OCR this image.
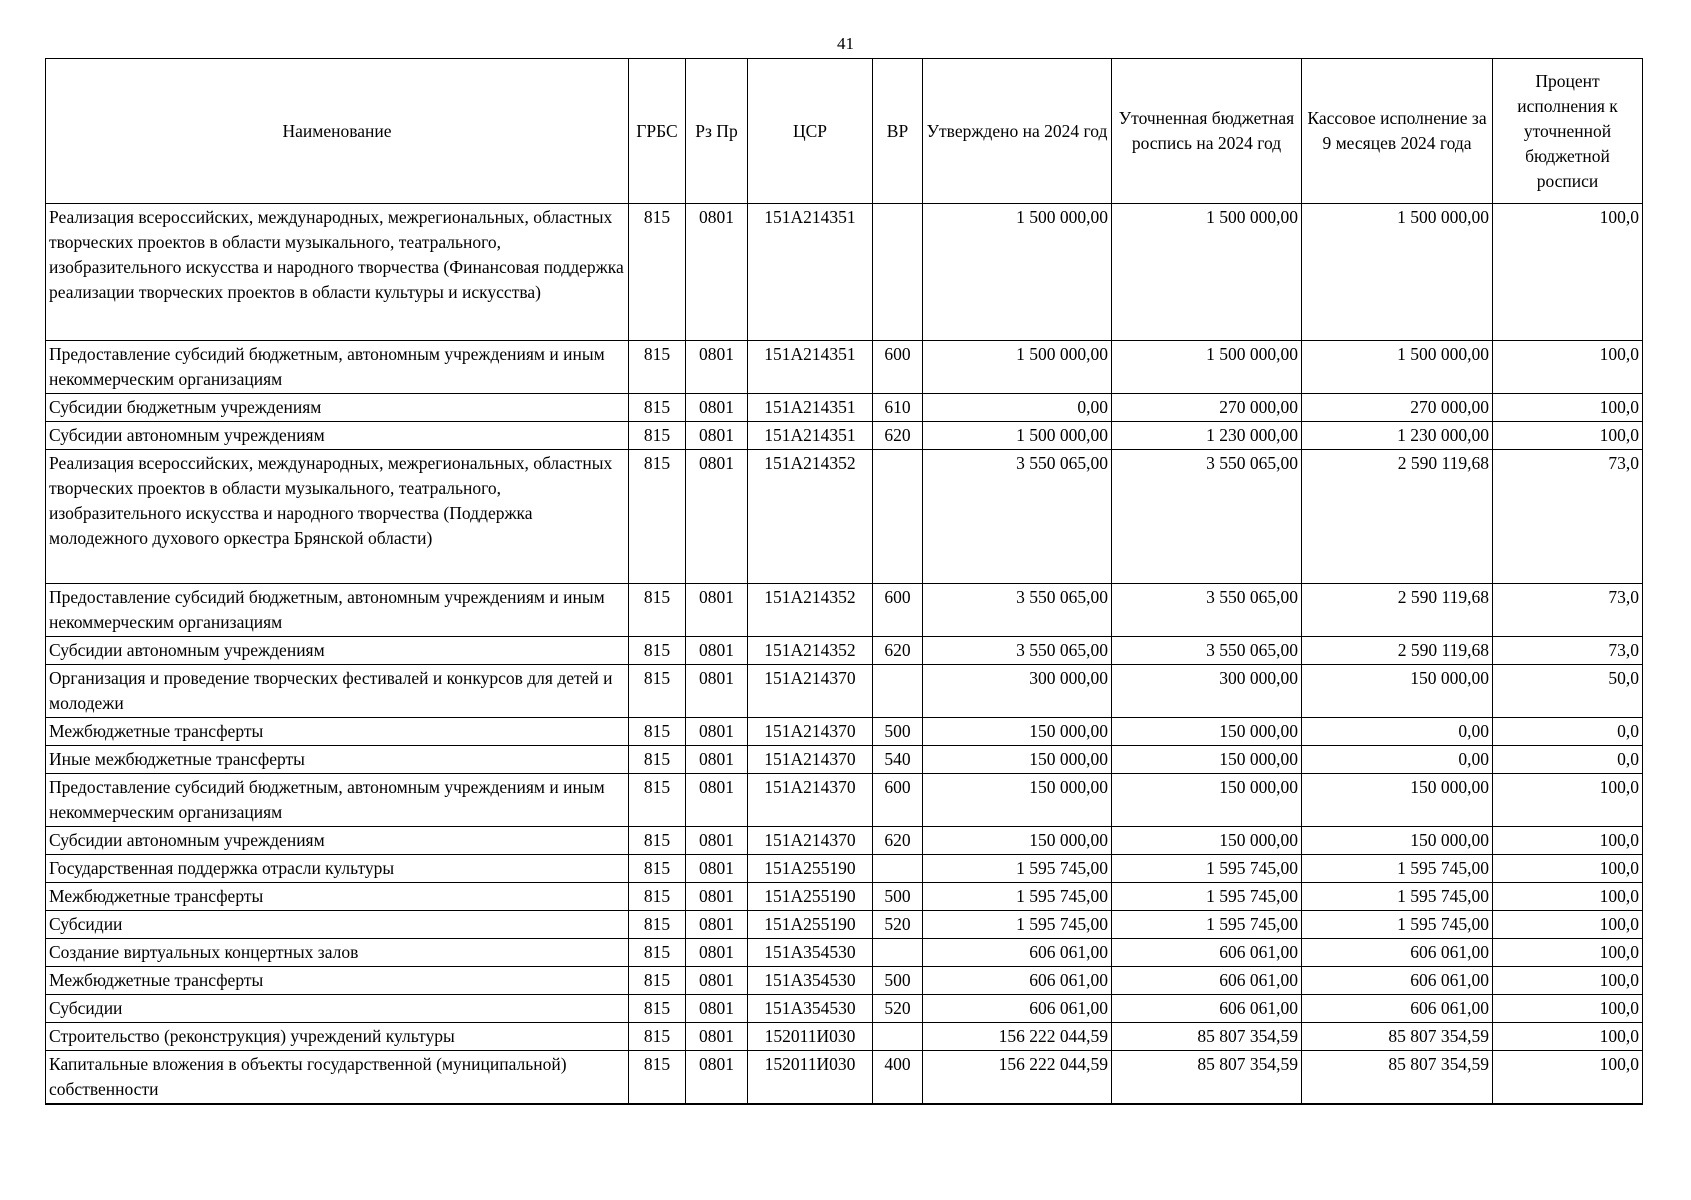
41
Наименование	ГРБС	Рз Пр	ЦСР	ВР	Утверждено на 2024 год	Уточненная бюджетная роспись на 2024 год	Кассовое исполнение за 9 месяцев 2024 года	Процент исполнения к уточненной бюджетной росписи
Реализация всероссийских, международных, межрегиональных, областных творческих проектов в области музыкального, театрального, изобразительного искусства и народного творчества (Финансовая поддержка реализации творческих проектов в области культуры и искусства)	815	0801	151А214351		1 500 000,00	1 500 000,00	1 500 000,00	100,0
Предоставление субсидий бюджетным, автономным учреждениям и иным некоммерческим организациям	815	0801	151А214351	600	1 500 000,00	1 500 000,00	1 500 000,00	100,0
Субсидии бюджетным учреждениям	815	0801	151А214351	610	0,00	270 000,00	270 000,00	100,0
Субсидии автономным учреждениям	815	0801	151А214351	620	1 500 000,00	1 230 000,00	1 230 000,00	100,0
Реализация всероссийских, международных, межрегиональных, областных творческих проектов в области музыкального, театрального, изобразительного искусства и народного творчества (Поддержка молодежного духового оркестра Брянской области)	815	0801	151А214352		3 550 065,00	3 550 065,00	2 590 119,68	73,0
Предоставление субсидий бюджетным, автономным учреждениям и иным некоммерческим организациям	815	0801	151А214352	600	3 550 065,00	3 550 065,00	2 590 119,68	73,0
Субсидии автономным учреждениям	815	0801	151А214352	620	3 550 065,00	3 550 065,00	2 590 119,68	73,0
Организация и проведение творческих фестивалей и конкурсов для детей и молодежи	815	0801	151А214370		300 000,00	300 000,00	150 000,00	50,0
Межбюджетные трансферты	815	0801	151А214370	500	150 000,00	150 000,00	0,00	0,0
Иные межбюджетные трансферты	815	0801	151А214370	540	150 000,00	150 000,00	0,00	0,0
Предоставление субсидий бюджетным, автономным учреждениям и иным некоммерческим организациям	815	0801	151А214370	600	150 000,00	150 000,00	150 000,00	100,0
Субсидии автономным учреждениям	815	0801	151А214370	620	150 000,00	150 000,00	150 000,00	100,0
Государственная поддержка отрасли культуры	815	0801	151А255190		1 595 745,00	1 595 745,00	1 595 745,00	100,0
Межбюджетные трансферты	815	0801	151А255190	500	1 595 745,00	1 595 745,00	1 595 745,00	100,0
Субсидии	815	0801	151А255190	520	1 595 745,00	1 595 745,00	1 595 745,00	100,0
Создание виртуальных концертных залов	815	0801	151А354530		606 061,00	606 061,00	606 061,00	100,0
Межбюджетные трансферты	815	0801	151А354530	500	606 061,00	606 061,00	606 061,00	100,0
Субсидии	815	0801	151А354530	520	606 061,00	606 061,00	606 061,00	100,0
Строительство (реконструкция) учреждений культуры	815	0801	152011И030		156 222 044,59	85 807 354,59	85 807 354,59	100,0
Капитальные вложения в объекты государственной (муниципальной) собственности	815	0801	152011И030	400	156 222 044,59	85 807 354,59	85 807 354,59	100,0
